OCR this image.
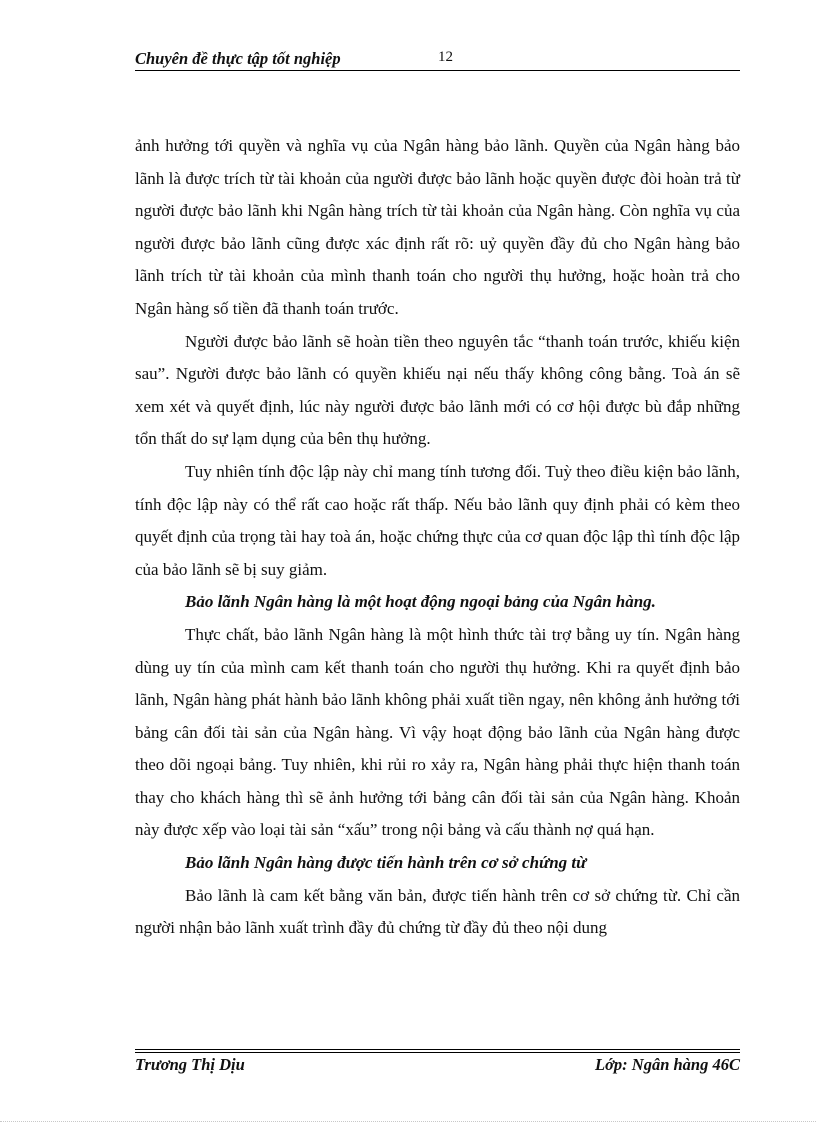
Chuyên đề thực tập tốt nghiệp	12

ảnh hưởng tới quyền và nghĩa vụ của Ngân hàng bảo lãnh. Quyền của Ngân hàng bảo lãnh là được trích từ tài khoản của người được bảo lãnh hoặc quyền được đòi hoàn trả từ người được bảo lãnh khi Ngân hàng trích từ tài khoản của Ngân hàng. Còn nghĩa vụ của người được bảo lãnh cũng được xác định rất rõ: uỷ quyền đầy đủ cho Ngân hàng bảo lãnh trích từ tài khoản của mình thanh toán cho người thụ hưởng, hoặc hoàn trả cho Ngân hàng số tiền đã thanh toán trước.

Người được bảo lãnh sẽ hoàn tiền theo nguyên tắc “thanh toán trước, khiếu kiện sau”. Người được bảo lãnh có quyền khiếu nại nếu thấy không công bằng. Toà án sẽ xem xét và quyết định, lúc này người được bảo lãnh mới có cơ hội được bù đắp những tổn thất do sự lạm dụng của bên thụ hưởng.

Tuy nhiên tính độc lập này chỉ mang tính tương đối. Tuỳ theo điều kiện bảo lãnh, tính độc lập này có thể rất cao hoặc rất thấp. Nếu bảo lãnh quy định phải có kèm theo quyết định của trọng tài hay toà án, hoặc chứng thực của cơ quan độc lập thì tính độc lập của bảo lãnh sẽ bị suy giảm.

Bảo lãnh Ngân hàng là một hoạt động ngoại bảng của Ngân hàng.

Thực chất, bảo lãnh Ngân hàng là một hình thức tài trợ bằng uy tín. Ngân hàng dùng uy tín của mình cam kết thanh toán cho người thụ hưởng. Khi ra quyết định bảo lãnh, Ngân hàng phát hành bảo lãnh không phải xuất tiền ngay, nên không ảnh hưởng tới bảng cân đối tài sản của Ngân hàng. Vì vậy hoạt động bảo lãnh của Ngân hàng được theo dõi ngoại bảng. Tuy nhiên, khi rủi ro xảy ra, Ngân hàng phải thực hiện thanh toán thay cho khách hàng thì sẽ ảnh hưởng tới bảng cân đối tài sản của Ngân hàng. Khoản này được xếp vào loại tài sản “xấu” trong nội bảng và cấu thành nợ quá hạn.

Bảo lãnh Ngân hàng được tiến hành trên cơ sở chứng từ

Bảo lãnh là cam kết bằng văn bản, được tiến hành trên cơ sở chứng từ. Chỉ cần người nhận bảo lãnh xuất trình đầy đủ chứng từ đầy đủ theo nội dung

Trương Thị Dịu	Lớp: Ngân hàng 46C
